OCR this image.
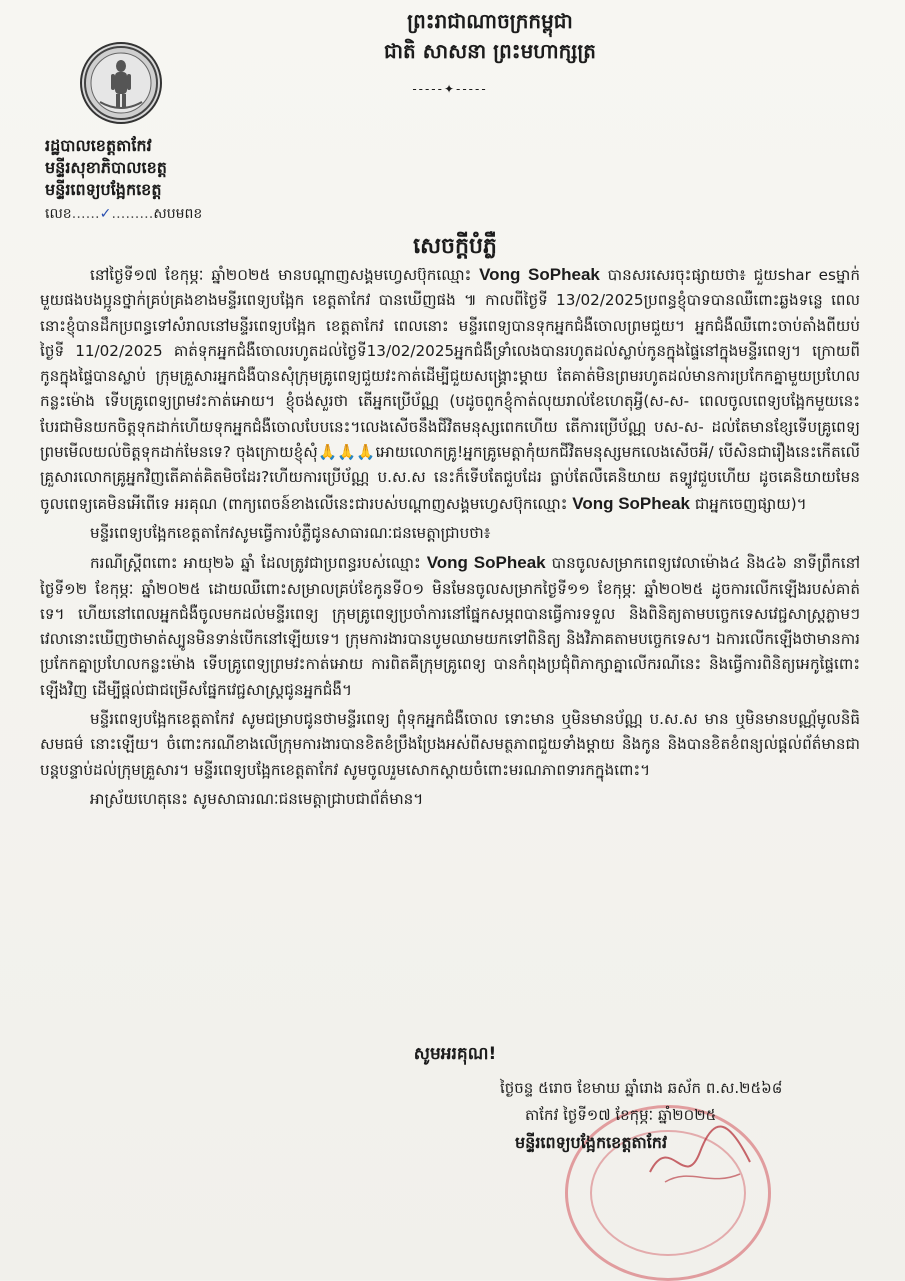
ព្រះរាជាណាចក្រកម្ពុជា
ជាតិ សាសនា ព្រះមហាក្សត្រ
-----✦-----
រដ្ឋបាលខេត្តតាកែវ
មន្ទីរសុខាភិបាលខេត្ត
មន្ទីរពេទ្យបង្អែកខេត្ត
លេខ……✓………សបមពខ
សេចក្តីបំភ្លឺ

នៅថ្ងៃទី១៧ ខែកុម្ភៈ ឆ្នាំ២០២៥ មានបណ្តាញសង្គមហ្វេសប៊ុកឈ្មោះ Vong SoPheak បានសរសេរចុះផ្សាយថា៖ ជួយshar esម្នាក់មួយផងបងប្អូនថ្នាក់គ្រប់គ្រងខាងមន្ទីរពេទ្យបង្អែក ខេត្តតាកែវ បានឃើញផង ៕ កាលពីថ្ងៃទី 13/02/2025ប្រពន្ធខ្ញុំបាទបានឈឺពោះឆ្លងទន្លេ ពេលនោះខ្ញុំបានដឹកប្រពន្ធទៅសំរាលនៅមន្ទីរពេទ្យបង្អែក ខេត្តតាកែវ ពេលនោះ មន្ទីរពេទ្យបានទុកអ្នកជំងឺចោលព្រមជួយ។ អ្នកជំងឺឈឺពោះចាប់តាំងពីយប់ថ្ងៃទី 11/02/2025 គាត់ទុកអ្នកជំងឺចោលរហូតដល់ថ្ងៃទី13/02/2025អ្នកជំងឺទ្រាំលេងបានរហូតដល់ស្លាប់កូនក្នុងផ្ទៃនៅក្នុងមន្ទីរពេទ្យ។ ក្រោយពីកូនក្នុងផ្ទៃបានស្លាប់ ក្រុមគ្រួសារអ្នកជំងឺបានសុំក្រុមគ្រូពេទ្យជួយវះកាត់ដើម្បីជួយសង្គ្រោះម្តាយ តែគាត់មិនព្រមរហូតដល់មានការប្រកែកគ្នាមួយប្រហែលកន្លះម៉ោង ទើបគ្រូពេទ្យព្រមវះកាត់អោយ។ ខ្ញុំចង់សួរថា តើអ្នកប្រើប័ណ្ណ (បដូចពួកខ្ញុំកាត់លុយរាល់ខែហេតុអ្វី(ស-ស- ពេលចូលពេទ្យបង្អែកមួយនេះបែរជាមិនយកចិត្តទុកដាក់ហើយទុកអ្នកជំងឺចោលបែបនេះ។លេងសើចនឹងជីវិតមនុស្សពេកហើយ តើការប្រើប័ណ្ណ បស-ស- ដល់តែមានខ្សែទើបគ្រូពេទ្យព្រមមើលយល់ចិត្តទុកដាក់មែនទេ? ចុងក្រោយខ្ញុំសុំ🙏🙏🙏អោយលោកគ្រូ!អ្នកគ្រូមេត្តាកុំយកជីវិតមនុស្សមកលេងសើចអី/ បើសិនជារឿងនេះកើតលើគ្រួសារលោកគ្រូអ្នកវិញតើគាត់គិតមិចដែរ?ហើយការប្រើប័ណ្ណ ប.ស.ស នេះក៏ទើបតែជួបដែរ ធ្លាប់តែលឺគេនិយាយ តទ្បូវជួបហើយ ដូចគេនិយាយមែន ចូលពេទ្យគេមិនអើពើទេ អរគុណ (ពាក្យពេចន៍ខាងលើនេះជារបស់បណ្តាញសង្គមហ្វេសប៊ុកឈ្មោះ Vong SoPheak ជាអ្នកចេញផ្សាយ)។

មន្ទីរពេទ្យបង្អែកខេត្តតាកែវសូមធ្វើការបំភ្លឺជូនសាធារណៈជនមេត្តាជ្រាបថា៖

ករណីស្ត្រីពពោះ អាយុ២៦ ឆ្នាំ ដែលត្រូវជាប្រពន្ធរបស់ឈ្មោះ Vong SoPheak បានចូលសម្រាកពេទ្យវេលាម៉ោង៤ និង៤៦ នាទីព្រឹកនៅថ្ងៃទី១២ ខែកុម្ភៈ ឆ្នាំ២០២៥ ដោយឈឺពោះសម្រាលគ្រប់ខែកូនទី០១ មិនមែនចូលសម្រាកថ្ងៃទី១១ ខែកុម្ភៈ ឆ្នាំ២០២៥ ដូចការលើកឡើងរបស់គាត់ទេ។ ហើយនៅពេលអ្នកជំងឺចូលមកដល់មន្ទីរពេទ្យ ក្រុមគ្រូពេទ្យប្រចាំការនៅផ្នែកសម្ភពបានធ្វើការទទួល និងពិនិត្យតាមបច្ចេកទេសវេជ្ជសាស្ត្រភ្លាមៗ វេលានោះឃើញថាមាត់ស្បូនមិនទាន់បើកនៅឡើយទេ។ ក្រុមការងារបានបូមឈាមយកទៅពិនិត្យ និងវិភាគតាមបច្ចេកទេស។ ឯការលើកឡើងថាមានការប្រកែកគ្នាប្រហែលកន្លះម៉ោង ទើបគ្រូពេទ្យព្រមវះកាត់អោយ ការពិតគឺក្រុមគ្រូពេទ្យ បានកំពុងប្រជុំពិភាក្សាគ្នាលើករណីនេះ និងធ្វើការពិនិត្យអេកូផ្ទៃពោះឡើងវិញ ដើម្បីផ្តល់ជាជម្រើសផ្នែកវេជ្ជសាស្ត្រជូនអ្នកជំងឺ។

មន្ទីរពេទ្យបង្អែកខេត្តតាកែវ សូមជម្រាបជូនថាមន្ទីរពេទ្យ ពុំទុកអ្នកជំងឺចោល ទោះមាន ឬមិនមានប័ណ្ណ ប.ស.ស មាន ឬមិនមានបណ្ណ័មូលនិធិសមធម៌ នោះឡើយ។ ចំពោះករណីខាងលើក្រុមការងារបានខិតខំប្រឹងប្រែងអស់ពីសមត្ថភាពជួយទាំងម្តាយ និងកូន និងបានខិតខំពន្យល់ផ្តល់ព័ត៌មានជាបន្តបន្ទាប់ដល់ក្រុមគ្រួសារ។ មន្ទីរពេទ្យបង្អែកខេត្តតាកែវ សូមចូលរួមសោកស្តាយចំពោះមរណភាពទារកក្នុងពោះ។

អាស្រ័យហេតុនេះ សូមសាធារណៈជនមេត្តាជ្រាបជាព័ត៌មាន។

សូមអរគុណ!
ថ្ងៃចន្ទ ៥រោច ខែមាឃ ឆ្នាំរោង ឆស័ក ព.ស.២៥៦៨
តាកែវ ថ្ងៃទី១៧ ខែកុម្ភៈ ឆ្នាំ២០២៥
មន្ទីរពេទ្យបង្អែកខេត្តតាកែវ
